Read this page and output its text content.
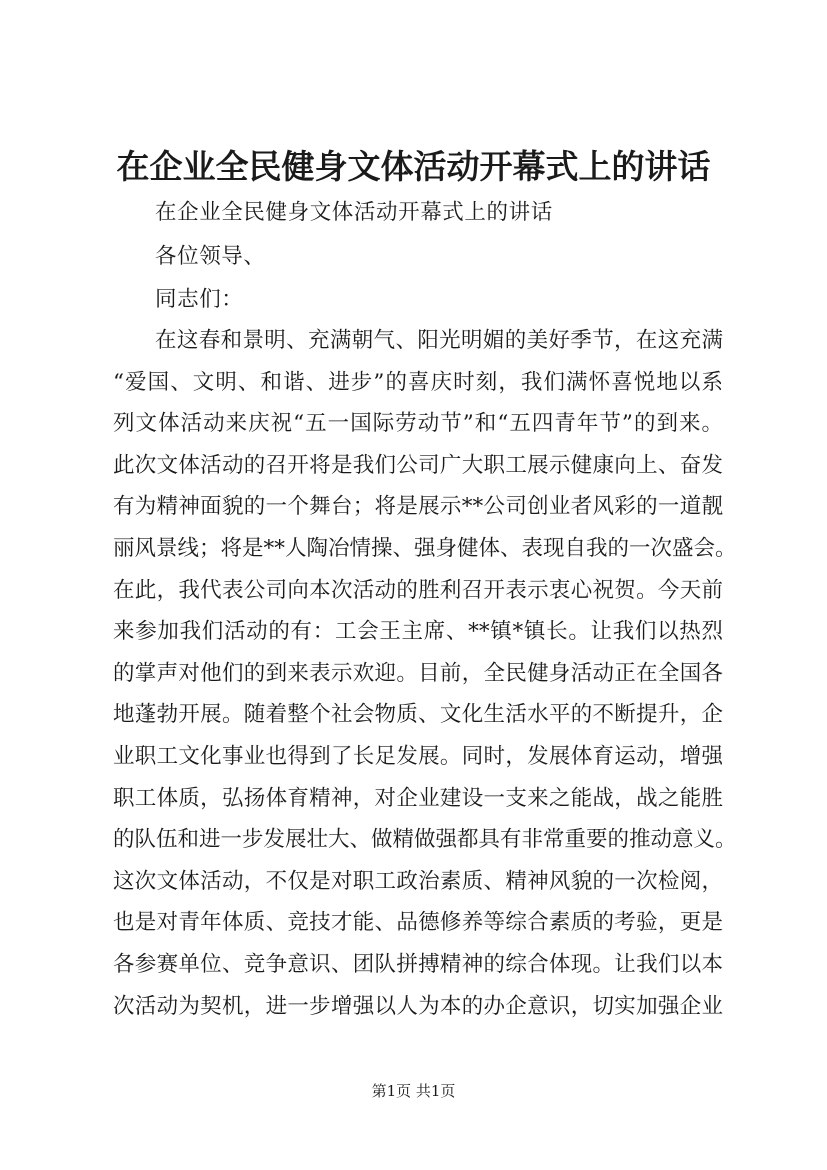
在企业全民健身文体活动开幕式上的讲话

在企业全民健身文体活动开幕式上的讲话

各位领导、

同志们：

在这春和景明、充满朝气、阳光明媚的美好季节，在这充满

“爱国、文明、和谐、进步”的喜庆时刻，我们满怀喜悦地以系

列文体活动来庆祝“五一国际劳动节”和“五四青年节”的到来。

此次文体活动的召开将是我们公司广大职工展示健康向上、奋发

有为精神面貌的一个舞台；将是展示**公司创业者风彩的一道靓

丽风景线；将是**人陶冶情操、强身健体、表现自我的一次盛会。

在此，我代表公司向本次活动的胜利召开表示衷心祝贺。今天前

来参加我们活动的有：工会王主席、**镇*镇长。让我们以热烈

的掌声对他们的到来表示欢迎。目前，全民健身活动正在全国各

地蓬勃开展。随着整个社会物质、文化生活水平的不断提升，企

业职工文化事业也得到了长足发展。同时，发展体育运动，增强

职工体质，弘扬体育精神，对企业建设一支来之能战，战之能胜

的队伍和进一步发展壮大、做精做强都具有非常重要的推动意义。

这次文体活动，不仅是对职工政治素质、精神风貌的一次检阅，

也是对青年体质、竞技才能、品德修养等综合素质的考验，更是

各参赛单位、竞争意识、团队拼搏精神的综合体现。让我们以本

次活动为契机，进一步增强以人为本的办企意识，切实加强企业

第1页 共1页
